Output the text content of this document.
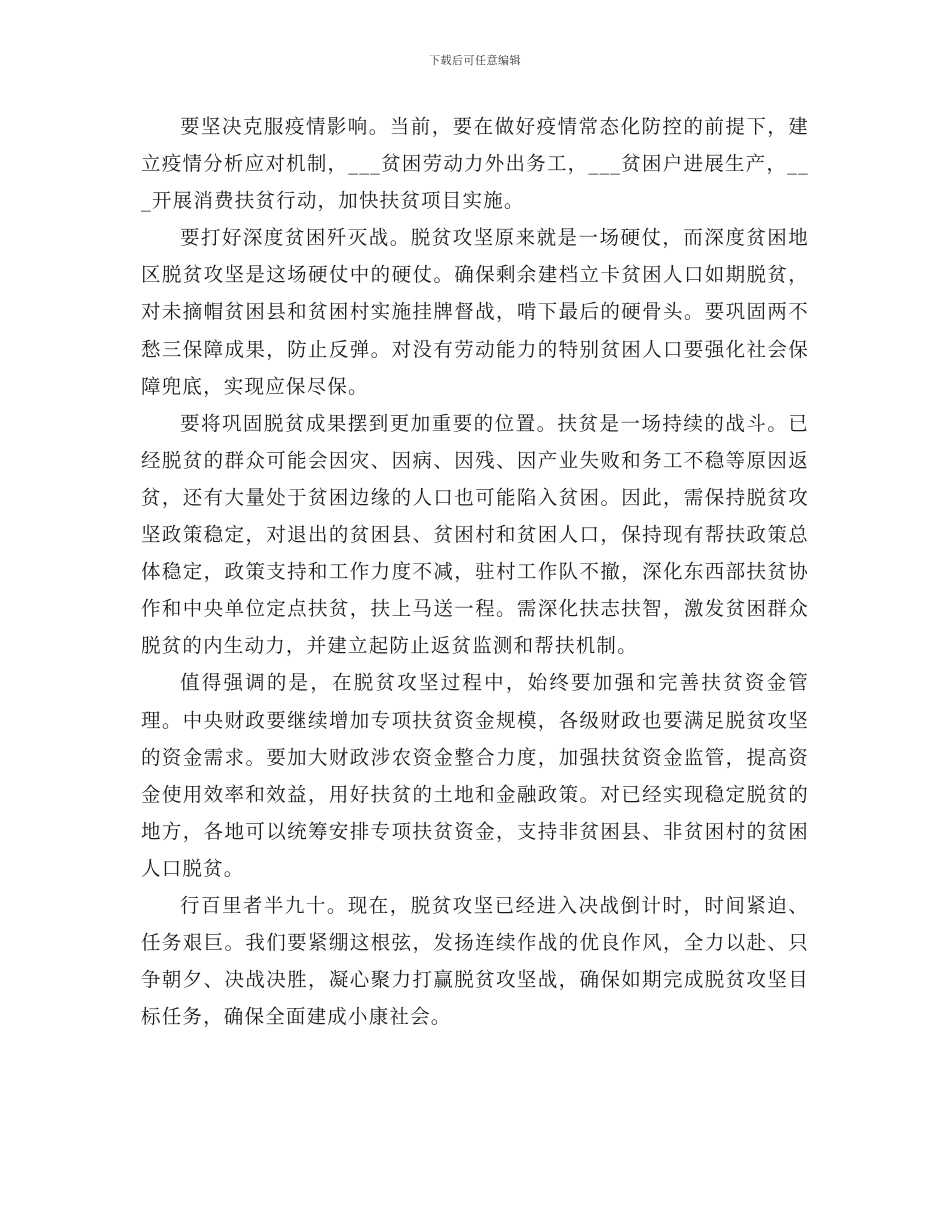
下载后可任意编辑

要坚决克服疫情影响。当前，要在做好疫情常态化防控的前提下，建立疫情分析应对机制，___贫困劳动力外出务工，___贫困户进展生产，___开展消费扶贫行动，加快扶贫项目实施。

要打好深度贫困歼灭战。脱贫攻坚原来就是一场硬仗，而深度贫困地区脱贫攻坚是这场硬仗中的硬仗。确保剩余建档立卡贫困人口如期脱贫，对未摘帽贫困县和贫困村实施挂牌督战，啃下最后的硬骨头。要巩固两不愁三保障成果，防止反弹。对没有劳动能力的特别贫困人口要强化社会保障兜底，实现应保尽保。

要将巩固脱贫成果摆到更加重要的位置。扶贫是一场持续的战斗。已经脱贫的群众可能会因灾、因病、因残、因产业失败和务工不稳等原因返贫，还有大量处于贫困边缘的人口也可能陷入贫困。因此，需保持脱贫攻坚政策稳定，对退出的贫困县、贫困村和贫困人口，保持现有帮扶政策总体稳定，政策支持和工作力度不减，驻村工作队不撤，深化东西部扶贫协作和中央单位定点扶贫，扶上马送一程。需深化扶志扶智，激发贫困群众脱贫的内生动力，并建立起防止返贫监测和帮扶机制。

值得强调的是，在脱贫攻坚过程中，始终要加强和完善扶贫资金管理。中央财政要继续增加专项扶贫资金规模，各级财政也要满足脱贫攻坚的资金需求。要加大财政涉农资金整合力度，加强扶贫资金监管，提高资金使用效率和效益，用好扶贫的土地和金融政策。对已经实现稳定脱贫的地方，各地可以统筹安排专项扶贫资金，支持非贫困县、非贫困村的贫困人口脱贫。

行百里者半九十。现在，脱贫攻坚已经进入决战倒计时，时间紧迫、任务艰巨。我们要紧绷这根弦，发扬连续作战的优良作风，全力以赴、只争朝夕、决战决胜，凝心聚力打赢脱贫攻坚战，确保如期完成脱贫攻坚目标任务，确保全面建成小康社会。
